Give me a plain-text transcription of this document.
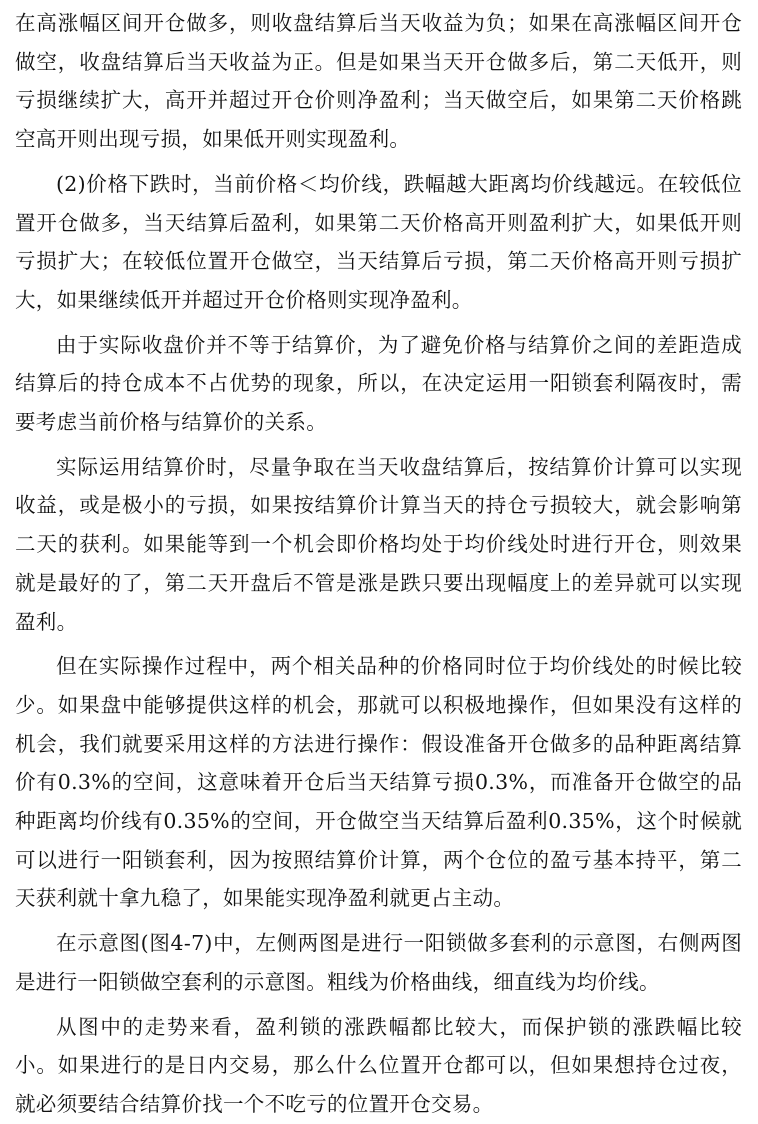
在高涨幅区间开仓做多，则收盘结算后当天收益为负；如果在高涨幅区间开仓做空，收盘结算后当天收益为正。但是如果当天开仓做多后，第二天低开，则亏损继续扩大，高开并超过开仓价则净盈利；当天做空后，如果第二天价格跳空高开则出现亏损，如果低开则实现盈利。

(2)价格下跌时，当前价格＜均价线，跌幅越大距离均价线越远。在较低位置开仓做多，当天结算后盈利，如果第二天价格高开则盈利扩大，如果低开则亏损扩大；在较低位置开仓做空，当天结算后亏损，第二天价格高开则亏损扩大，如果继续低开并超过开仓价格则实现净盈利。

由于实际收盘价并不等于结算价，为了避免价格与结算价之间的差距造成结算后的持仓成本不占优势的现象，所以，在决定运用一阳锁套利隔夜时，需要考虑当前价格与结算价的关系。

实际运用结算价时，尽量争取在当天收盘结算后，按结算价计算可以实现收益，或是极小的亏损，如果按结算价计算当天的持仓亏损较大，就会影响第二天的获利。如果能等到一个机会即价格均处于均价线处时进行开仓，则效果就是最好的了，第二天开盘后不管是涨是跌只要出现幅度上的差异就可以实现盈利。

但在实际操作过程中，两个相关品种的价格同时位于均价线处的时候比较少。如果盘中能够提供这样的机会，那就可以积极地操作，但如果没有这样的机会，我们就要采用这样的方法进行操作：假设准备开仓做多的品种距离结算价有0.3%的空间，这意味着开仓后当天结算亏损0.3%，而准备开仓做空的品种距离均价线有0.35%的空间，开仓做空当天结算后盈利0.35%，这个时候就可以进行一阳锁套利，因为按照结算价计算，两个仓位的盈亏基本持平，第二天获利就十拿九稳了，如果能实现净盈利就更占主动。

在示意图(图4-7)中，左侧两图是进行一阳锁做多套利的示意图，右侧两图是进行一阳锁做空套利的示意图。粗线为价格曲线，细直线为均价线。

从图中的走势来看，盈利锁的涨跌幅都比较大，而保护锁的涨跌幅比较小。如果进行的是日内交易，那么什么位置开仓都可以，但如果想持仓过夜，就必须要结合结算价找一个不吃亏的位置开仓交易。
